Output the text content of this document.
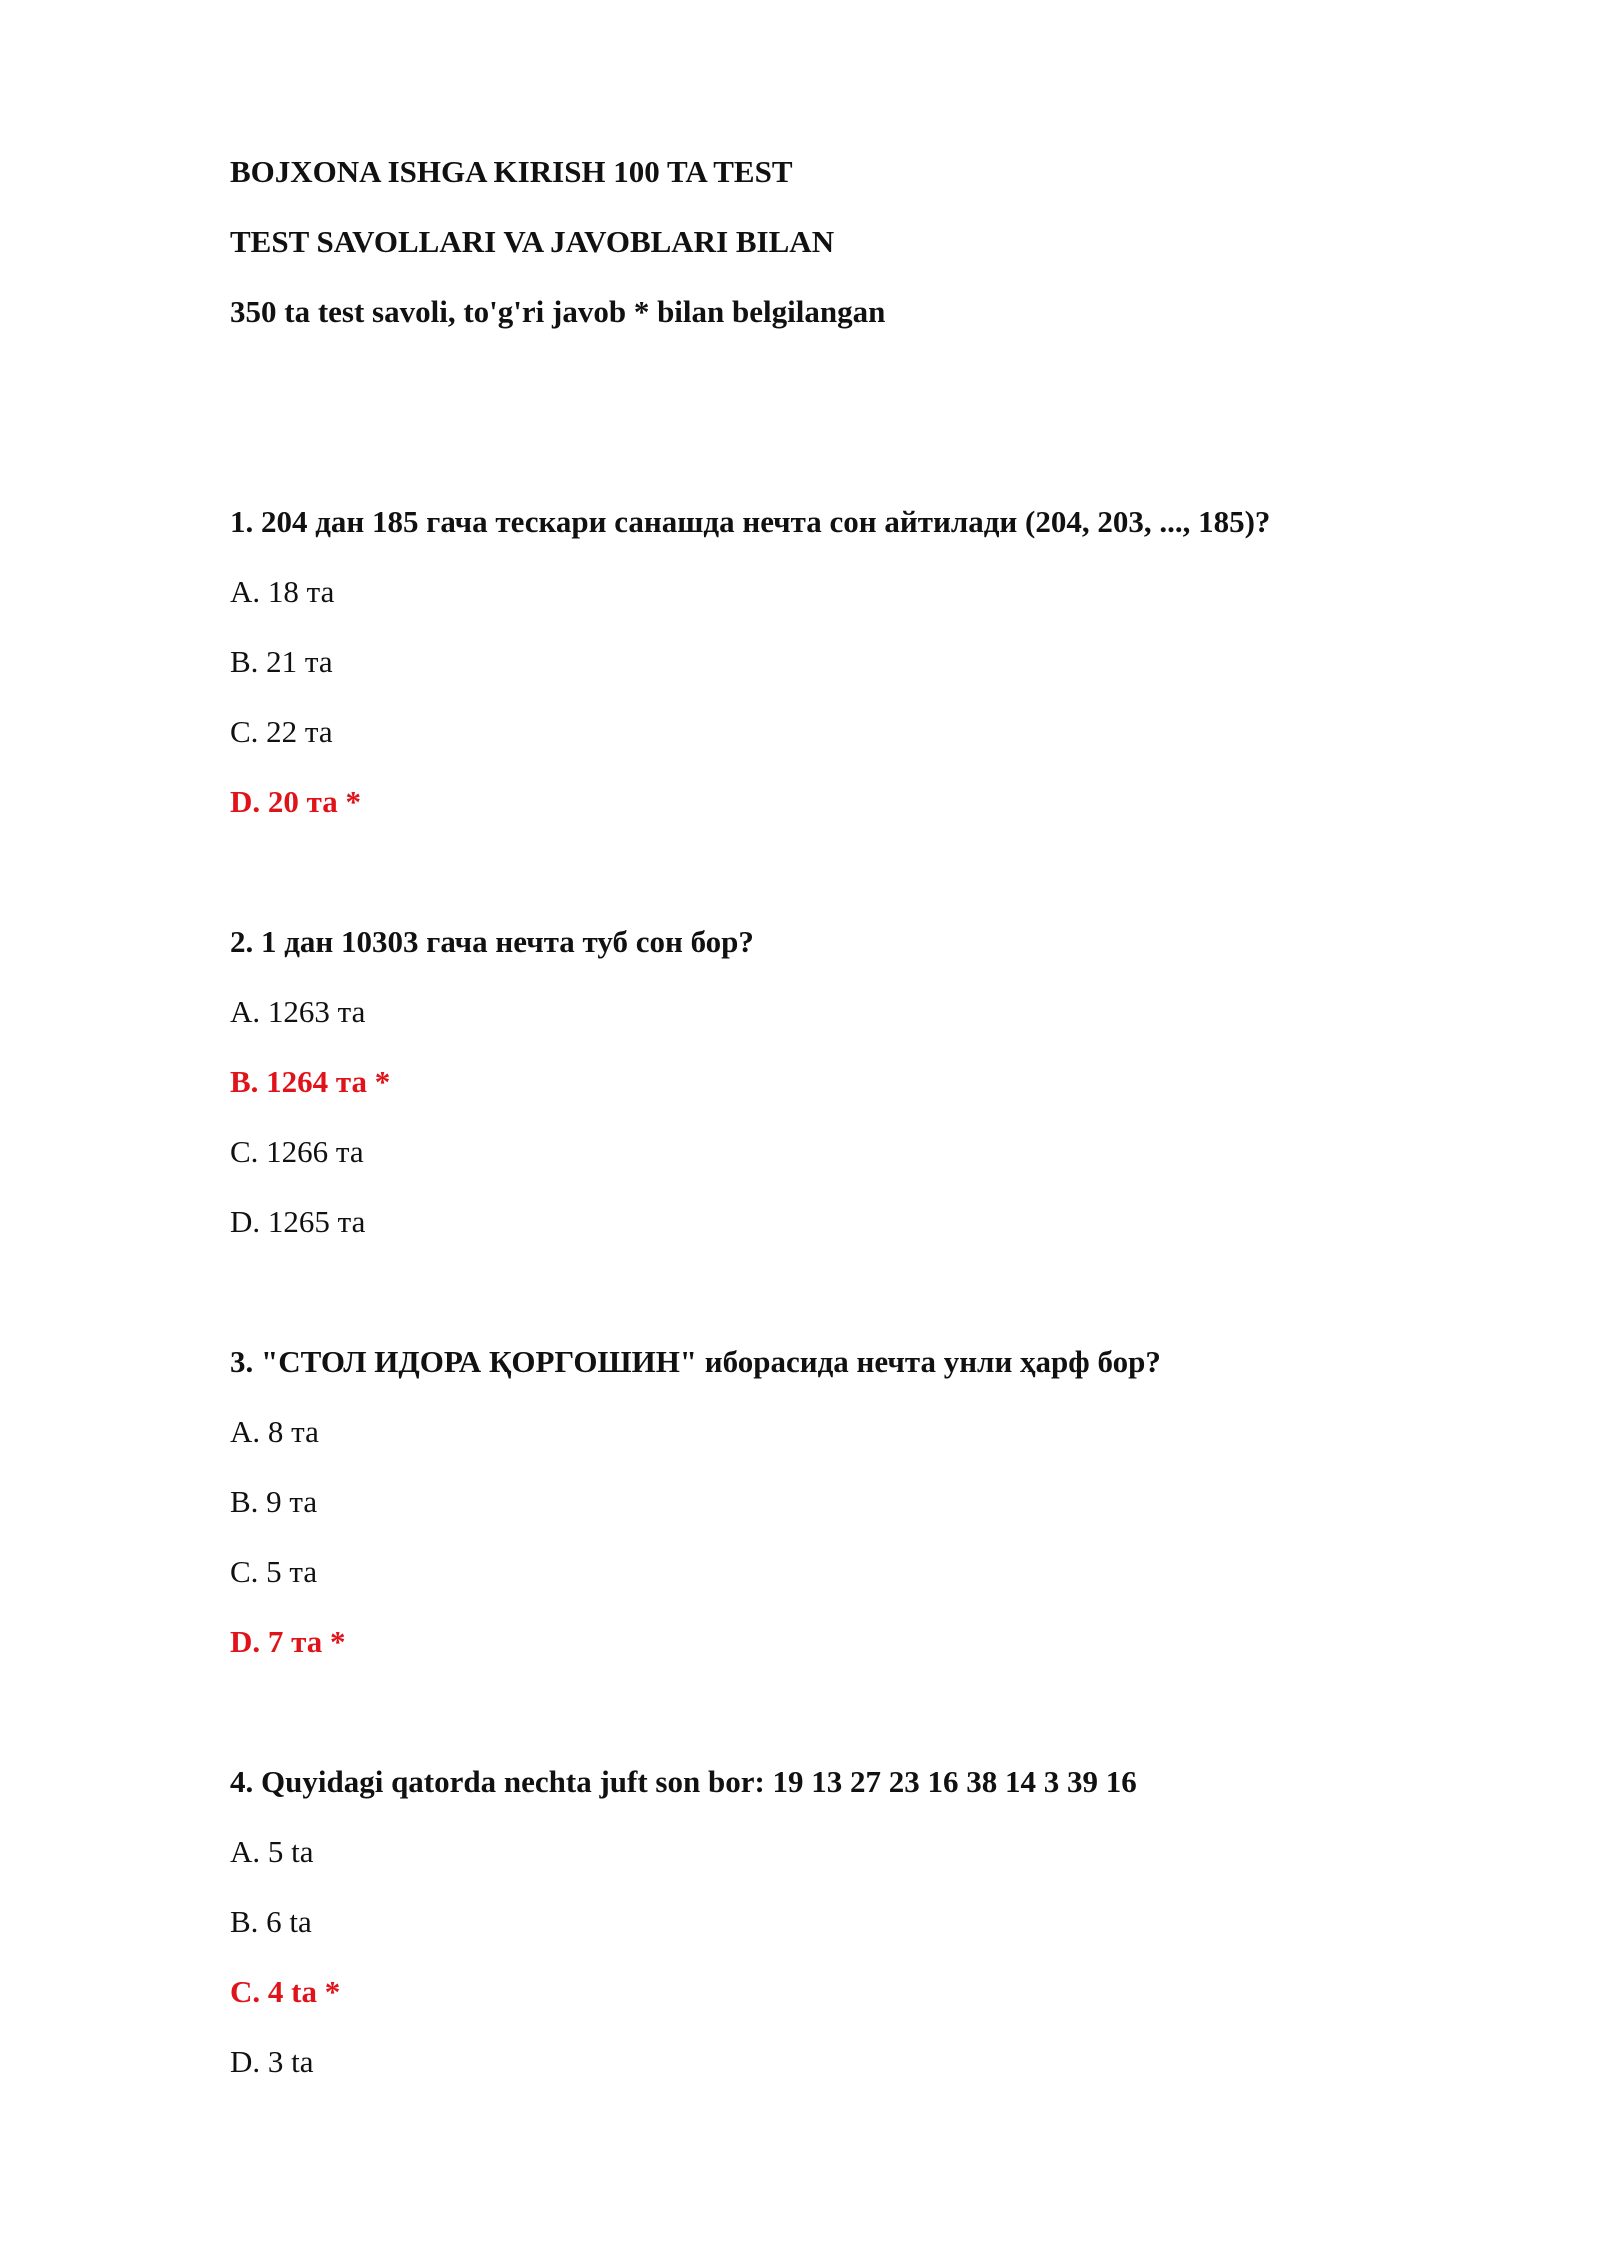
BOJXONA ISHGA KIRISH 100 TA TEST
TEST SAVOLLARI VA JAVOBLARI BILAN
350 ta test savoli, to'g'ri javob * bilan belgilangan
1. 204 дан 185 гача тескари санашда нечта сон айтилади (204, 203, ..., 185)?
A. 18 та
B. 21 та
C. 22 та
D. 20 та *
2. 1 дан 10303 гача нечта туб сон бор?
A. 1263 та
B. 1264 та *
C. 1266 та
D. 1265 та
3. "СТОЛ ИДОРА ҚОРГОШИН" иборасида нечта унли ҳарф бор?
A. 8 та
B. 9 та
C. 5 та
D. 7 та *
4. Quyidagi qatorda nechta juft son bor: 19 13 27 23 16 38 14 3 39 16
A. 5 ta
B. 6 ta
C. 4 ta *
D. 3 ta
